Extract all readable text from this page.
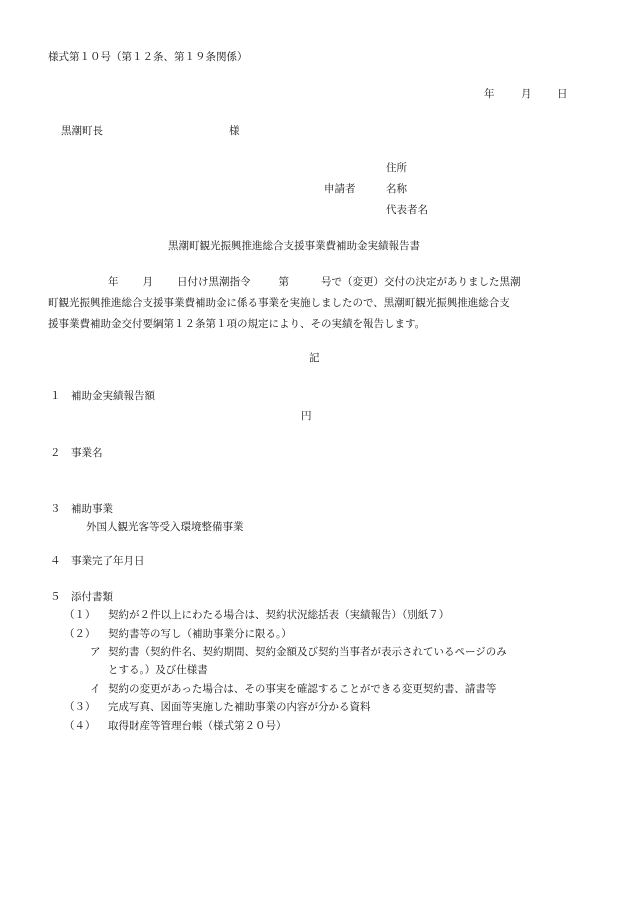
様式第１０号（第１２条、第１９条関係）
年	月 日
黒潮町長	様
住所
申請者	名称
代表者名
黒潮町観光振興推進総合支援事業費補助金実績報告書

年 月 日付け黒潮指令	第	号で（変更）交付の決定がありました黒潮

町観光振興推進総合支援事業費補助金に係る事業を実施しましたので、黒潮町観光振興推進総合支

援事業費補助金交付要綱第１２条第１項の規定により、その実績を報告します。

記
１　補助金実績報告額
円
２　事業名
３　補助事業
外国人観光客等受入環境整備事業
４　事業完了年月日
５　添付書類
（１） 契約が２件以上にわたる場合は、契約状況総括表（実績報告）（別紙７）
（２） 契約書等の写し（補助事業分に限る。）
ア 契約書（契約件名、契約期間、契約金額及び契約当事者が表示されているページのみ
とする。）及び仕様書
イ 契約の変更があった場合は、その事実を確認することができる変更契約書、請書等
（３） 完成写真、図面等実施した補助事業の内容が分かる資料
（４） 取得財産等管理台帳（様式第２０号）
